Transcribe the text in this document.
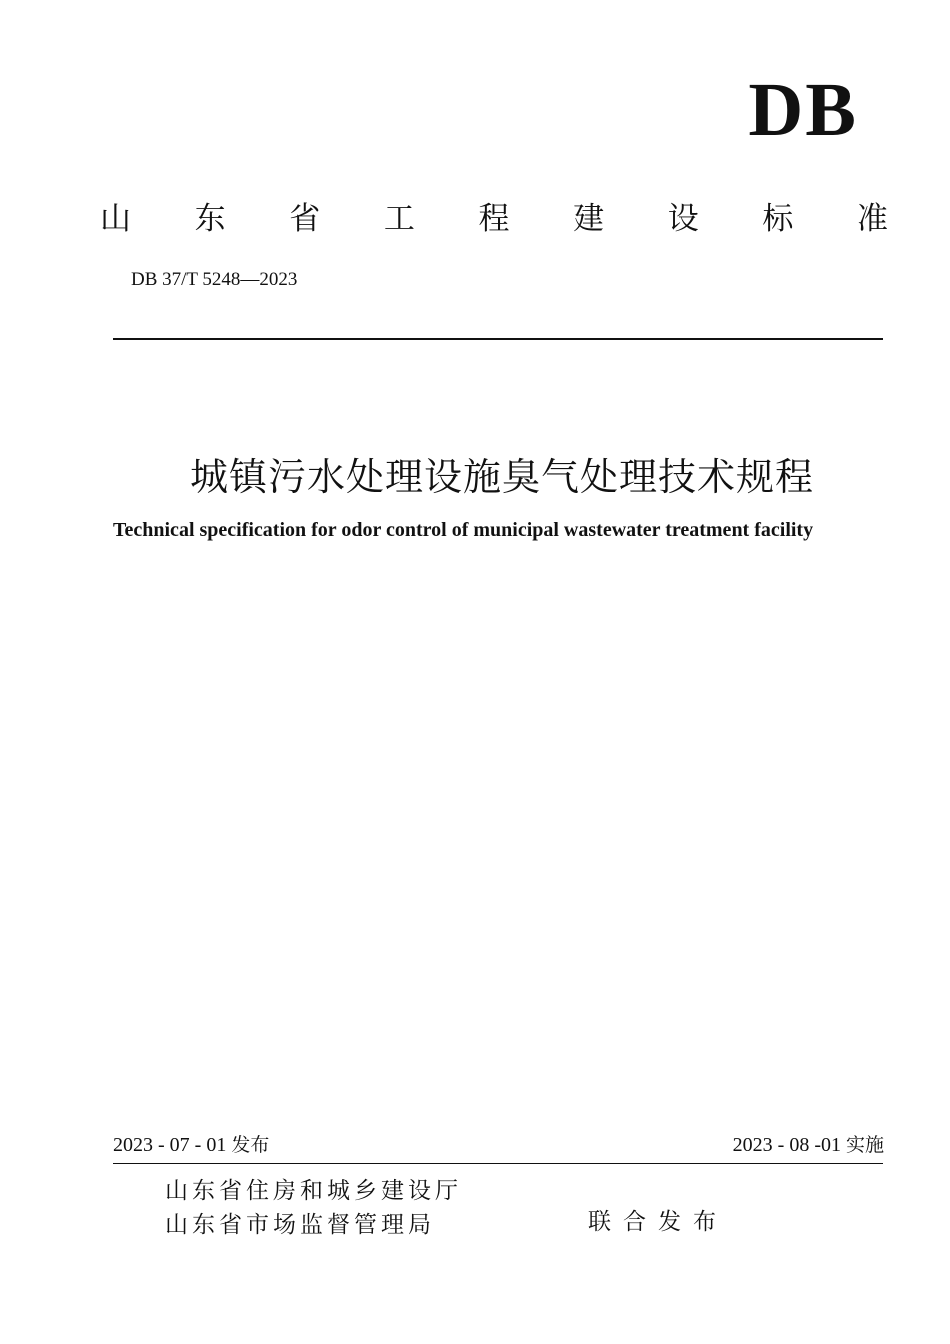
DB
山 东 省 工 程 建 设 标 准
DB 37/T 5248—2023
城镇污水处理设施臭气处理技术规程
Technical specification for odor control of municipal wastewater treatment facility
2023 - 07 - 01 发布	2023 - 08 -01 实施
山东省住房和城乡建设厅
山东省市场监督管理局	联合发布
